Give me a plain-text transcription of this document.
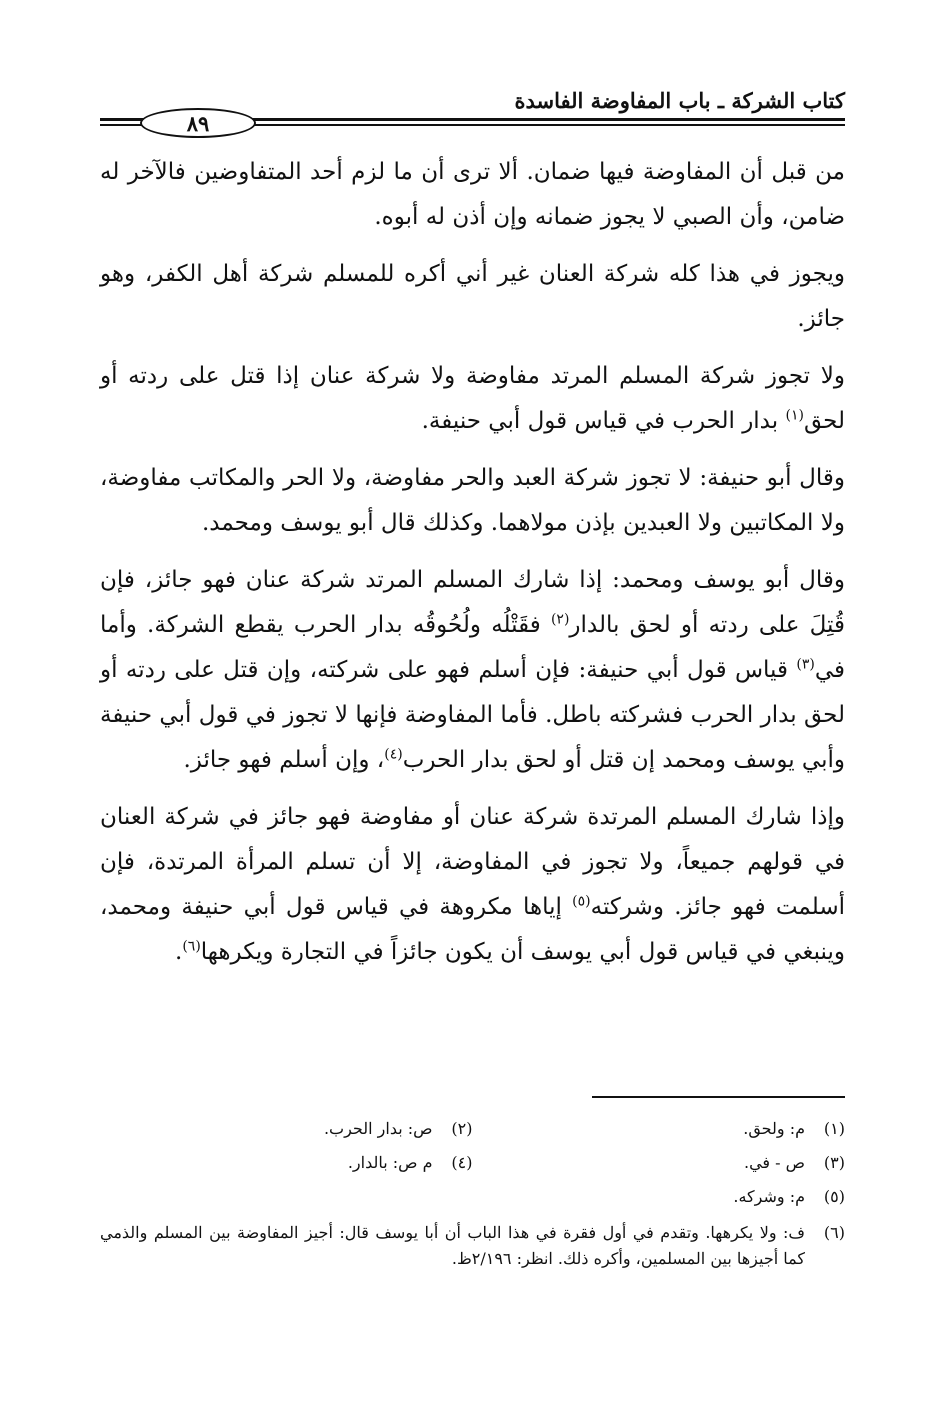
كتاب الشركة ـ باب المفاوضة الفاسدة
٨٩

من قبل أن المفاوضة فيها ضمان. ألا ترى أن ما لزم أحد المتفاوضين فالآخر له ضامن، وأن الصبي لا يجوز ضمانه وإن أذن له أبوه.

ويجوز في هذا كله شركة العنان غير أني أكره للمسلم شركة أهل الكفر، وهو جائز.

ولا تجوز شركة المسلم المرتد مفاوضة ولا شركة عنان إذا قتل على ردته أو لحق$^{(١)}$ بدار الحرب في قياس قول أبي حنيفة.

وقال أبو حنيفة: لا تجوز شركة العبد والحر مفاوضة، ولا الحر والمكاتب مفاوضة، ولا المكاتبين ولا العبدين بإذن مولاهما. وكذلك قال أبو يوسف ومحمد.

وقال أبو يوسف ومحمد: إذا شارك المسلم المرتد شركة عنان فهو جائز، فإن قُتِلَ على ردته أو لحق بالدار$^{(٢)}$ فقَتْلُه ولُحُوقُه بدار الحرب يقطع الشركة. وأما في$^{(٣)}$ قياس قول أبي حنيفة: فإن أسلم فهو على شركته، وإن قتل على ردته أو لحق بدار الحرب فشركته باطل. فأما المفاوضة فإنها لا تجوز في قول أبي حنيفة وأبي يوسف ومحمد إن قتل أو لحق بدار الحرب$^{(٤)}$، وإن أسلم فهو جائز.

وإذا شارك المسلم المرتدة شركة عنان أو مفاوضة فهو جائز في شركة العنان في قولهم جميعاً، ولا تجوز في المفاوضة، إلا أن تسلم المرأة المرتدة، فإن أسلمت فهو جائز. وشركته$^{(٥)}$ إياها مكروهة في قياس قول أبي حنيفة ومحمد، وينبغي في قياس قول أبي يوسف أن يكون جائزاً في التجارة ويكرهها$^{(٦)}$.

(١)
م: ولحق.
(٢)
ص: بدار الحرب.
(٣)
ص - في.
(٤)
م ص: بالدار.
(٥)
م: وشركه.
(٦)
ف: ولا يكرهها. وتقدم في أول فقرة في هذا الباب أن أبا يوسف قال: أجيز المفاوضة بين المسلم والذمي كما أجيزها بين المسلمين، وأكره ذلك. انظر: ٢/١٩٦ظ.
